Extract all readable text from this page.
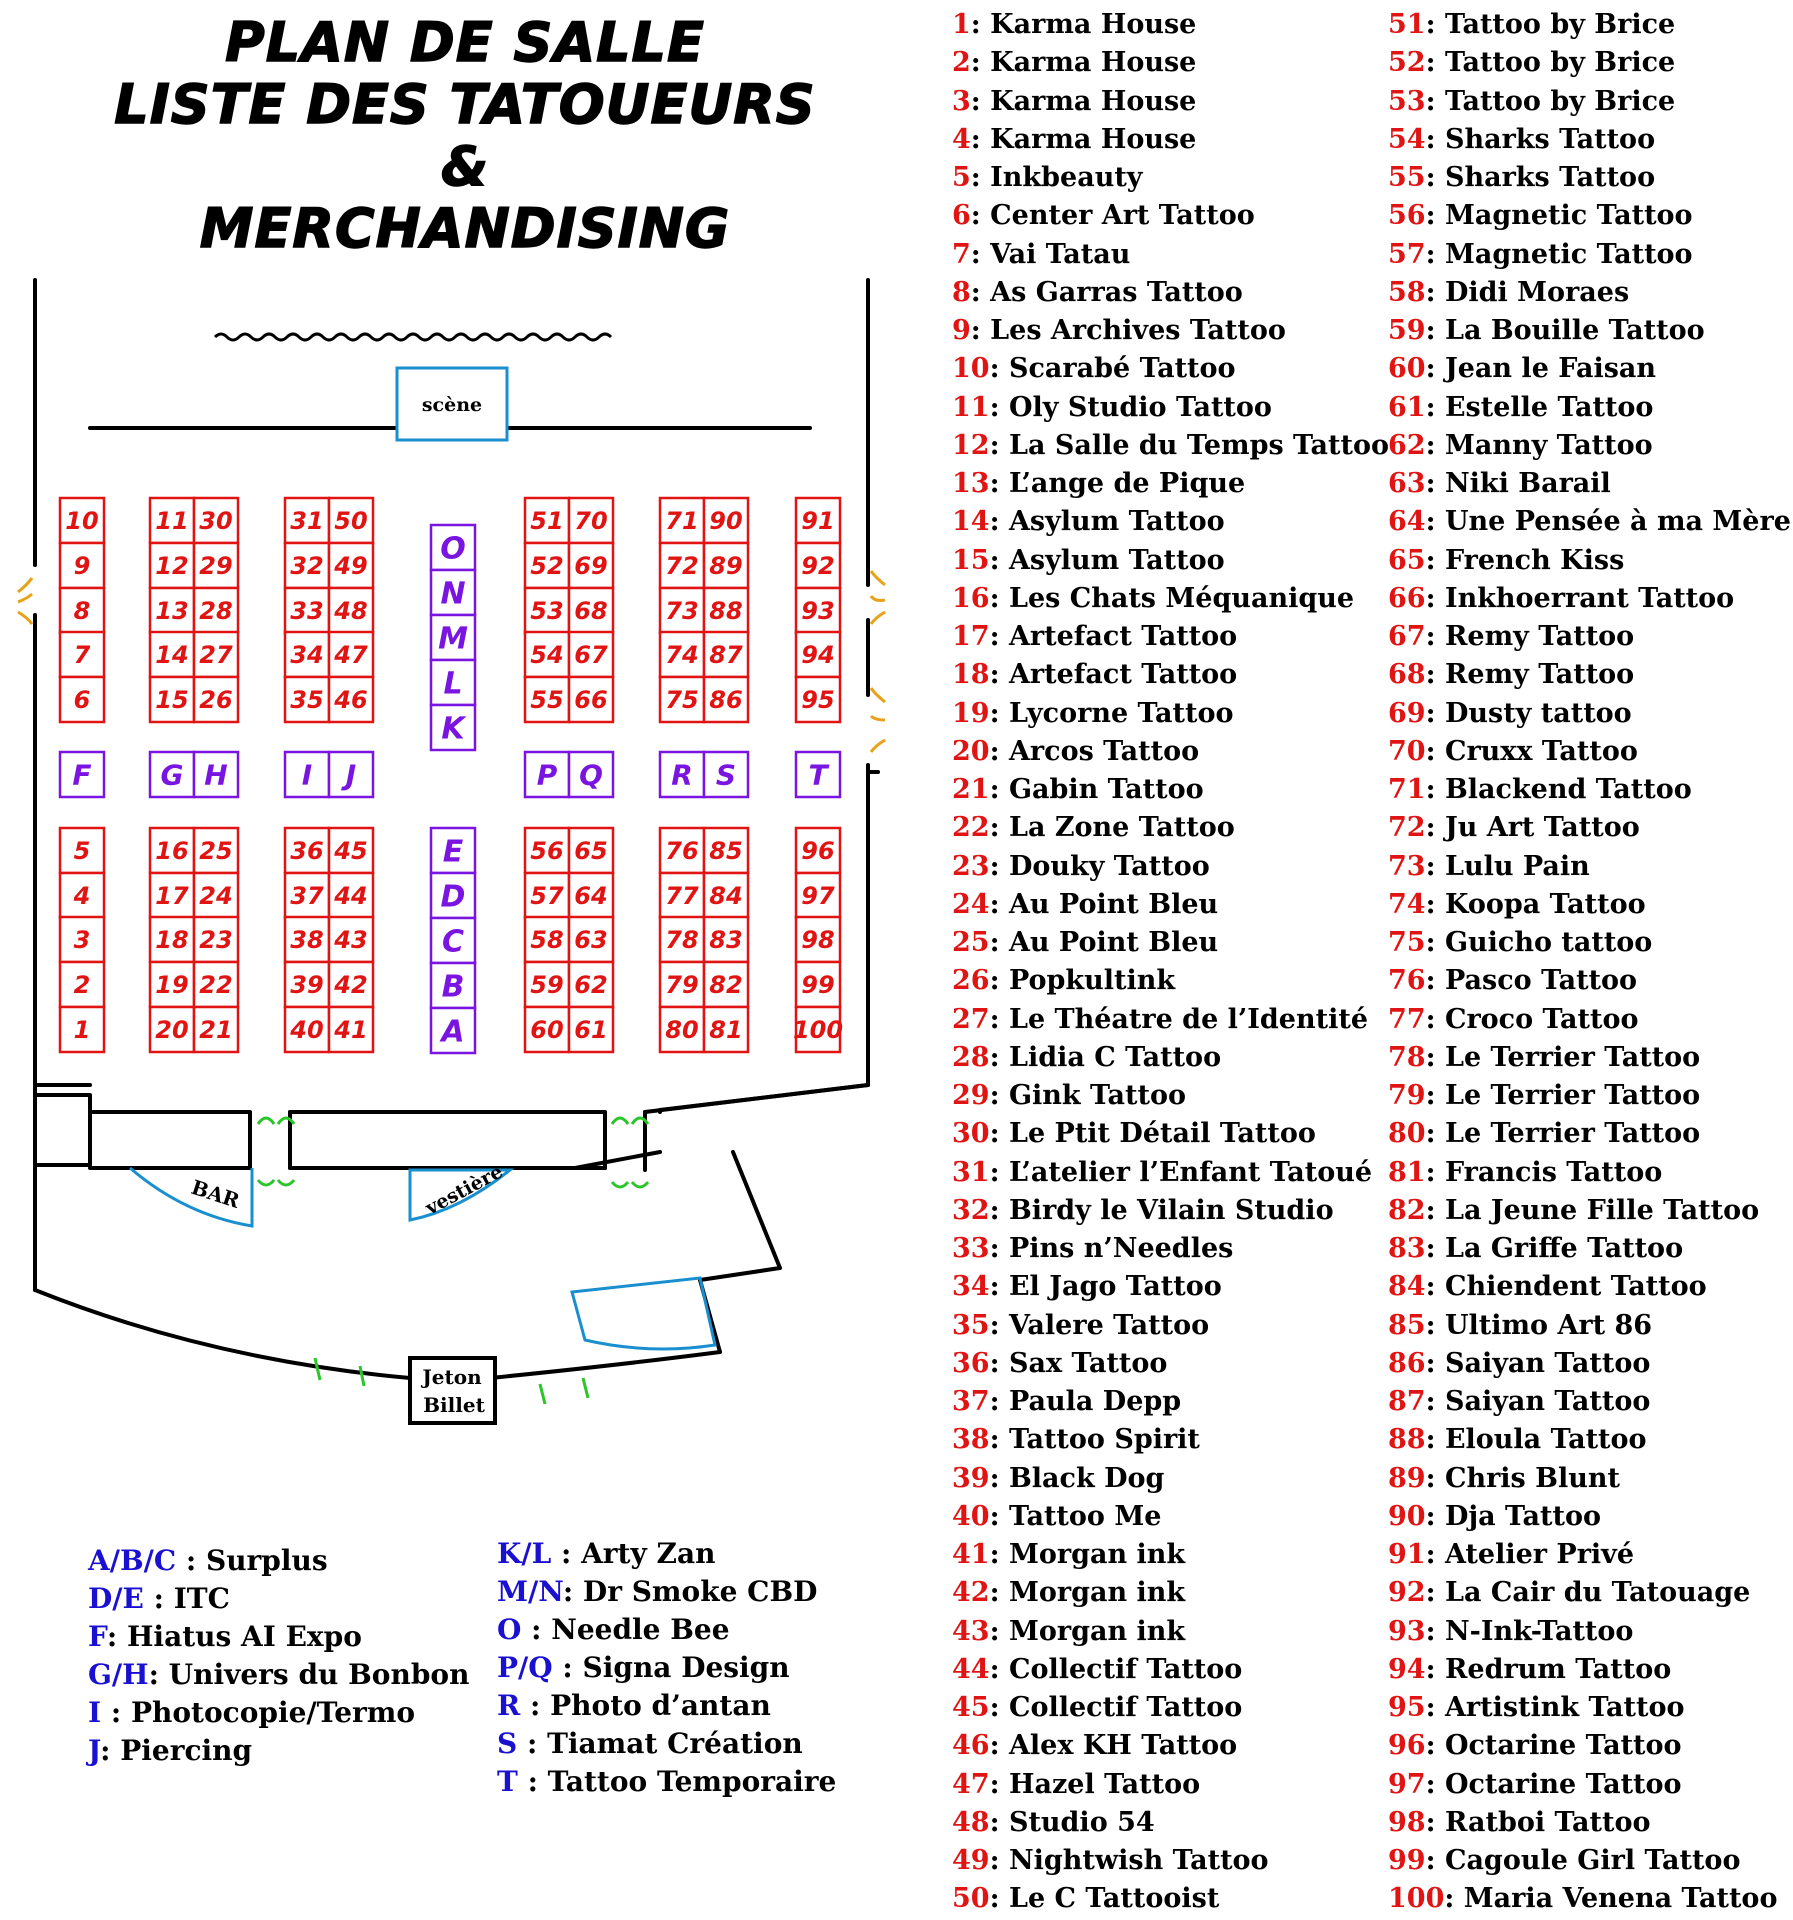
PLAN DE SALLE
LISTE DES TATOUEURS
&
MERCHANDISING
scène
BAR	vestière
Jeton
Billet
10
9
8
7
6
5
4
3
2
1
91
92
93
94
95
96
97
98
99
100
11
12
13
14
15
30
29
28
27
26
16
17
18
19
20
25
24
23
22
21
31
32
33
34
35
50
49
48
47
46
36
37
38
39
40
45
44
43
42
41
51
52
53
54
55
70
69
68
67
66
56
57
58
59
60
65
64
63
62
61
71
72
73
74
75
90
89
88
87
86
76
77
78
79
80
85
84
83
82
81
F G H	I J	P Q R S	T
O
N
M
L
K
E
D
C
B
A
A/B/C : Surplus
D/E : ITC
F: Hiatus AI Expo
G/H: Univers du Bonbon
I : Photocopie/Termo
J: Piercing
K/L : Arty Zan
M/N: Dr Smoke CBD
O : Needle Bee
P/Q : Signa Design
R : Photo d’antan
S : Tiamat Création
T : Tattoo Temporaire
1: Karma House
2: Karma House
3: Karma House
4: Karma House
5: Inkbeauty
6: Center Art Tattoo
7: Vai Tatau
8: As Garras Tattoo
9: Les Archives Tattoo
10: Scarabé Tattoo
11: Oly Studio Tattoo
12: La Salle du Temps Tattoo
13: L’ange de Pique
14: Asylum Tattoo
15: Asylum Tattoo
16: Les Chats Méquanique
17: Artefact Tattoo
18: Artefact Tattoo
19: Lycorne Tattoo
20: Arcos Tattoo
21: Gabin Tattoo
22: La Zone Tattoo
23: Douky Tattoo
24: Au Point Bleu
25: Au Point Bleu
26: Popkultink
27: Le Théatre de l’Identité
28: Lidia C Tattoo
29: Gink Tattoo
30: Le Ptit Détail Tattoo
31: L’atelier l’Enfant Tatoué
32: Birdy le Vilain Studio
33: Pins n’Needles
34: El Jago Tattoo
35: Valere Tattoo
36: Sax Tattoo
37: Paula Depp
38: Tattoo Spirit
39: Black Dog
40: Tattoo Me
41: Morgan ink
42: Morgan ink
43: Morgan ink
44: Collectif Tattoo
45: Collectif Tattoo
46: Alex KH Tattoo
47: Hazel Tattoo
48: Studio 54
49: Nightwish Tattoo
50: Le C Tattooist
51: Tattoo by Brice
52: Tattoo by Brice
53: Tattoo by Brice
54: Sharks Tattoo
55: Sharks Tattoo
56: Magnetic Tattoo
57: Magnetic Tattoo
58: Didi Moraes
59: La Bouille Tattoo
60: Jean le Faisan
61: Estelle Tattoo
62: Manny Tattoo
63: Niki Barail
64: Une Pensée à ma Mère
65: French Kiss
66: Inkhoerrant Tattoo
67: Remy Tattoo
68: Remy Tattoo
69: Dusty tattoo
70: Cruxx Tattoo
71: Blackend Tattoo
72: Ju Art Tattoo
73: Lulu Pain
74: Koopa Tattoo
75: Guicho tattoo
76: Pasco Tattoo
77: Croco Tattoo
78: Le Terrier Tattoo
79: Le Terrier Tattoo
80: Le Terrier Tattoo
81: Francis Tattoo
82: La Jeune Fille Tattoo
83: La Griffe Tattoo
84: Chiendent Tattoo
85: Ultimo Art 86
86: Saiyan Tattoo
87: Saiyan Tattoo
88: Eloula Tattoo
89: Chris Blunt
90: Dja Tattoo
91: Atelier Privé
92: La Cair du Tatouage
93: N-Ink-Tattoo
94: Redrum Tattoo
95: Artistink Tattoo
96: Octarine Tattoo
97: Octarine Tattoo
98: Ratboi Tattoo
99: Cagoule Girl Tattoo
100: Maria Venena Tattoo
